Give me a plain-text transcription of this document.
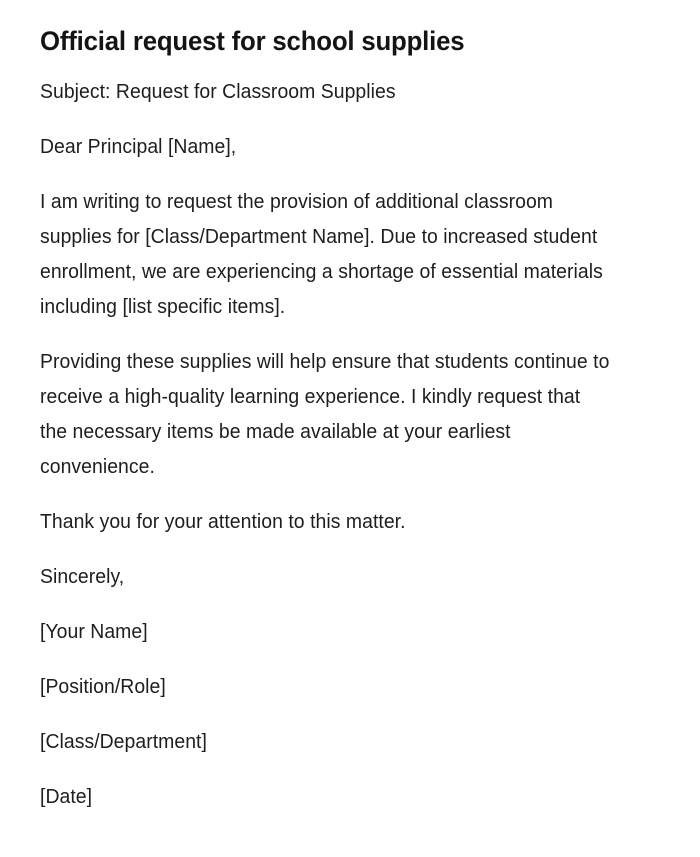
Official request for school supplies

Subject: Request for Classroom Supplies

Dear Principal [Name],

I am writing to request the provision of additional classroom supplies for [Class/Department Name]. Due to increased student enrollment, we are experiencing a shortage of essential materials including [list specific items].

Providing these supplies will help ensure that students continue to receive a high-quality learning experience. I kindly request that the necessary items be made available at your earliest convenience.

Thank you for your attention to this matter.

Sincerely,

[Your Name]

[Position/Role]

[Class/Department]

[Date]
